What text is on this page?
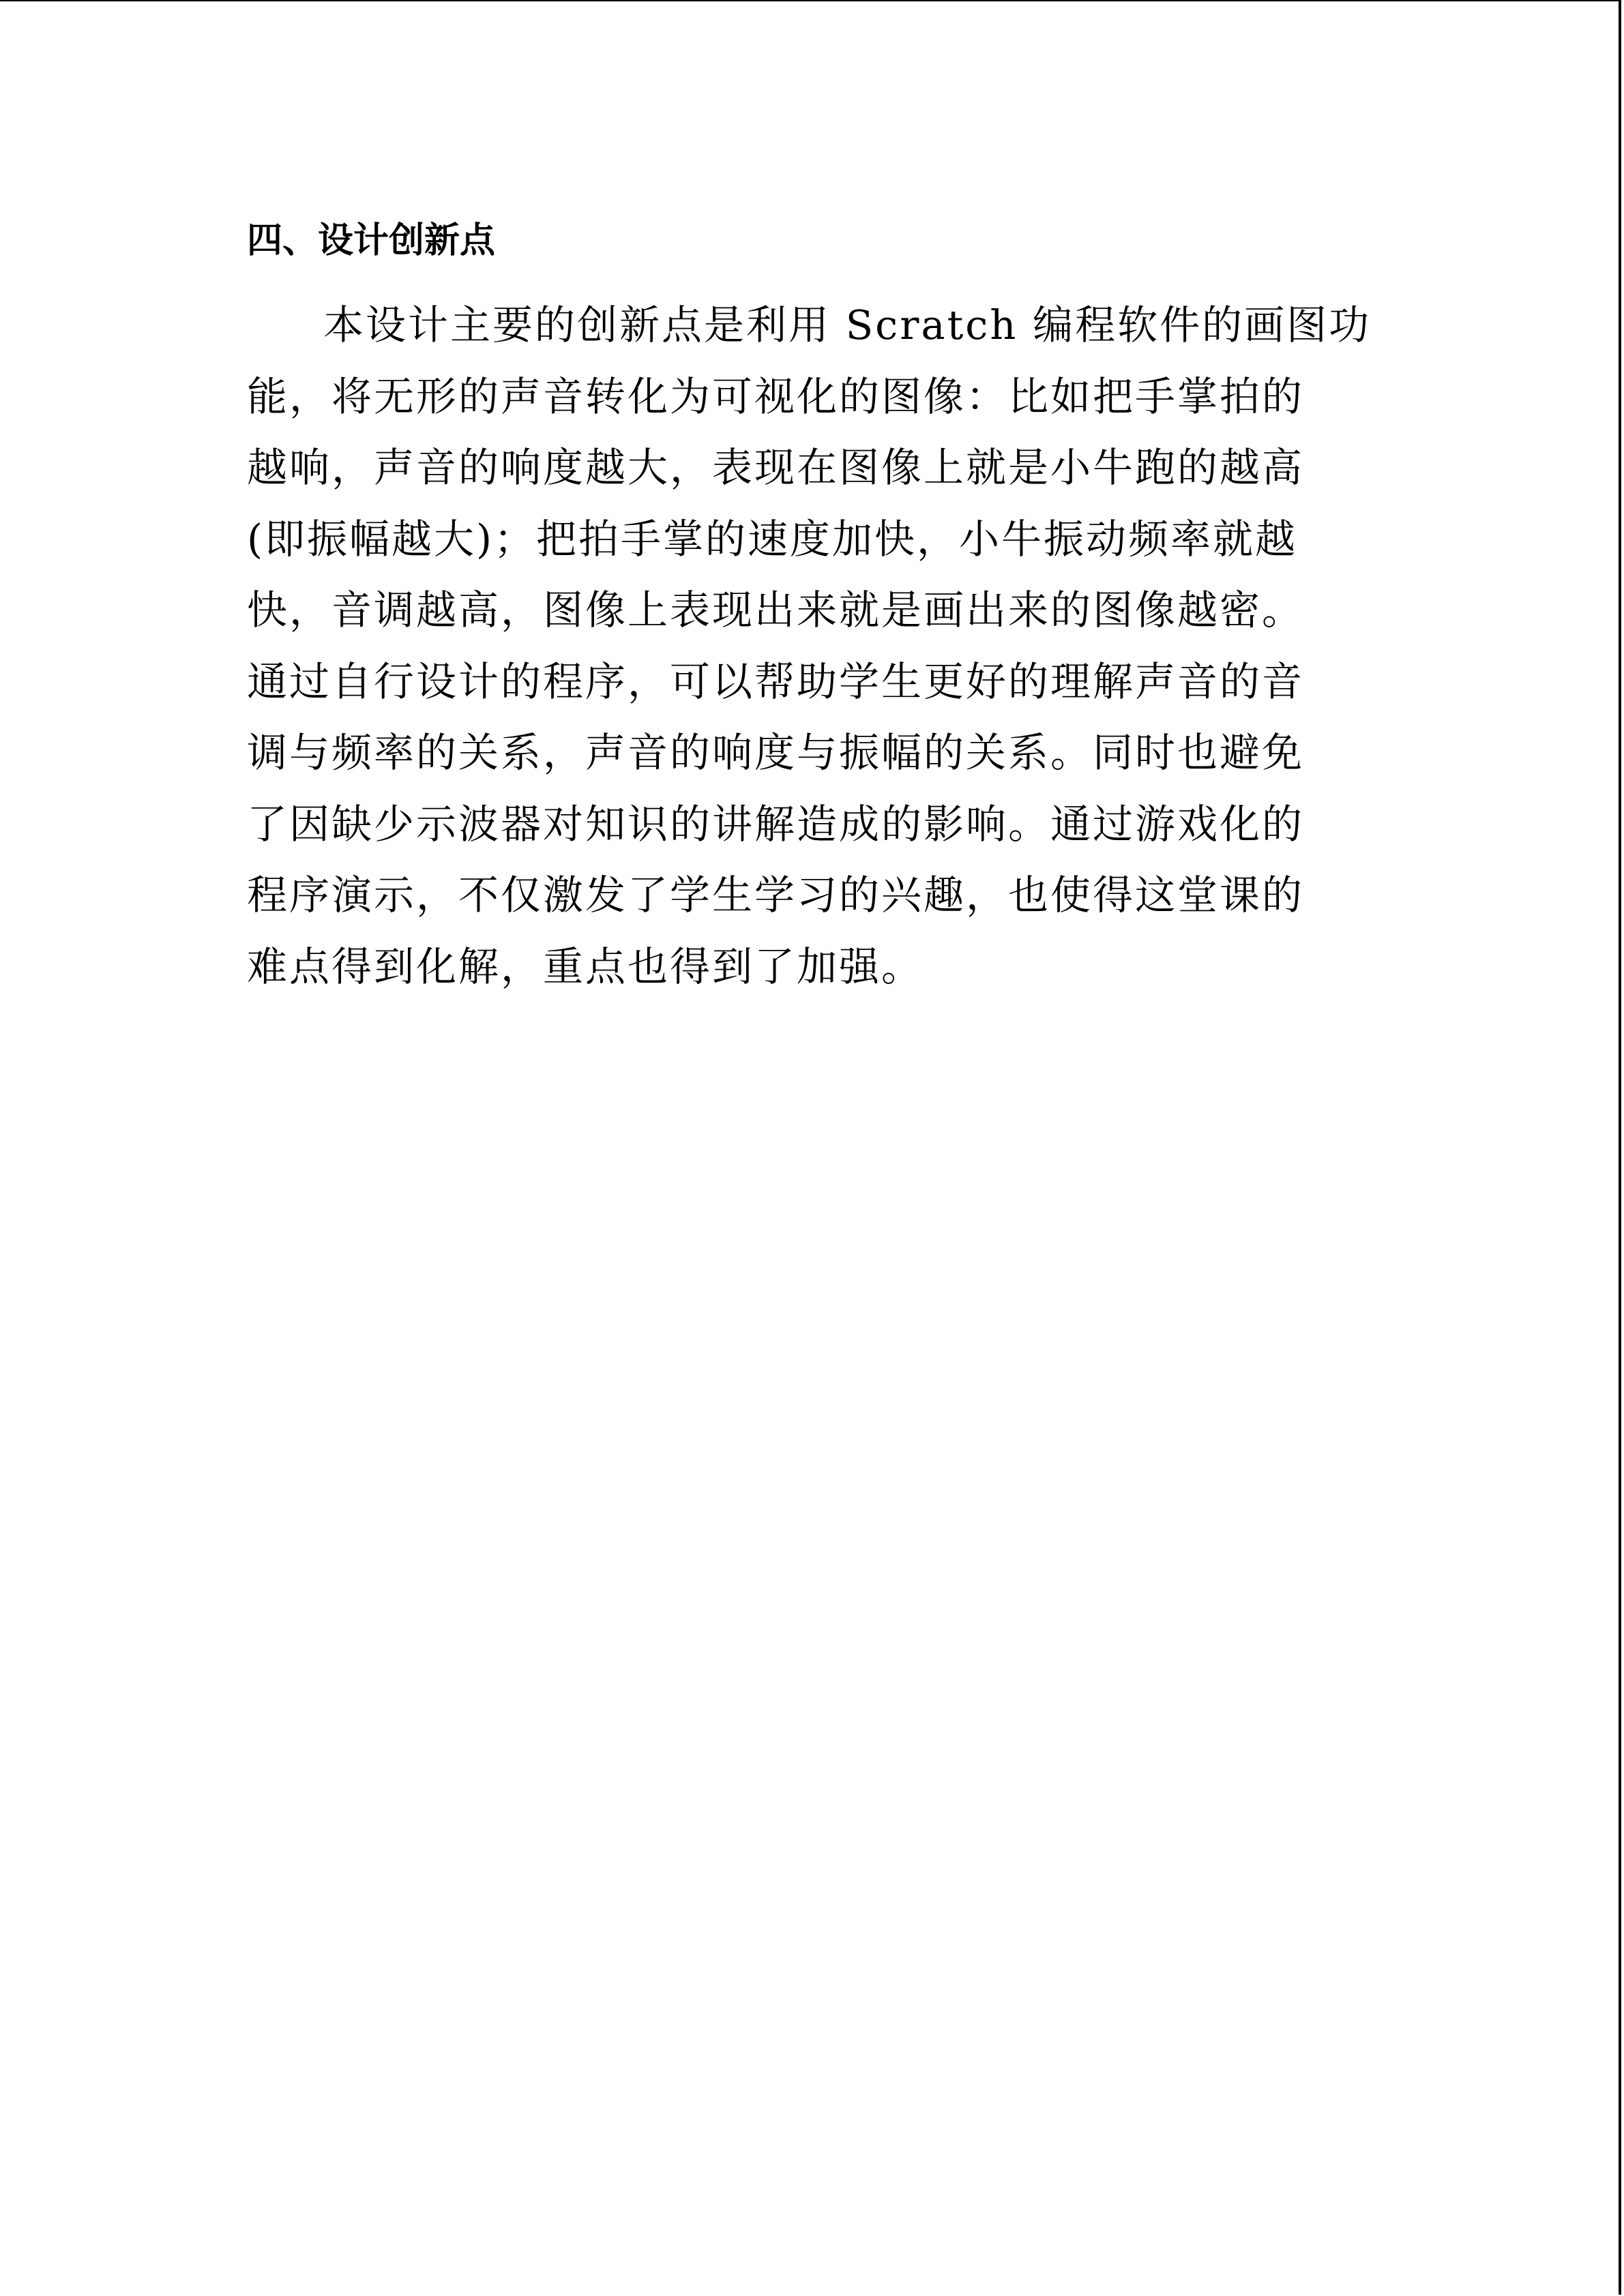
四、设计创新点
本设计主要的创新点是利用 Scratch 编程软件的画图功
能，将无形的声音转化为可视化的图像：比如把手掌拍的
越响，声音的响度越大，表现在图像上就是小牛跑的越高
(即振幅越大)；把拍手掌的速度加快，小牛振动频率就越
快，音调越高，图像上表现出来就是画出来的图像越密。
通过自行设计的程序，可以帮助学生更好的理解声音的音
调与频率的关系，声音的响度与振幅的关系。同时也避免
了因缺少示波器对知识的讲解造成的影响。通过游戏化的
程序演示，不仅激发了学生学习的兴趣，也使得这堂课的
难点得到化解，重点也得到了加强。
